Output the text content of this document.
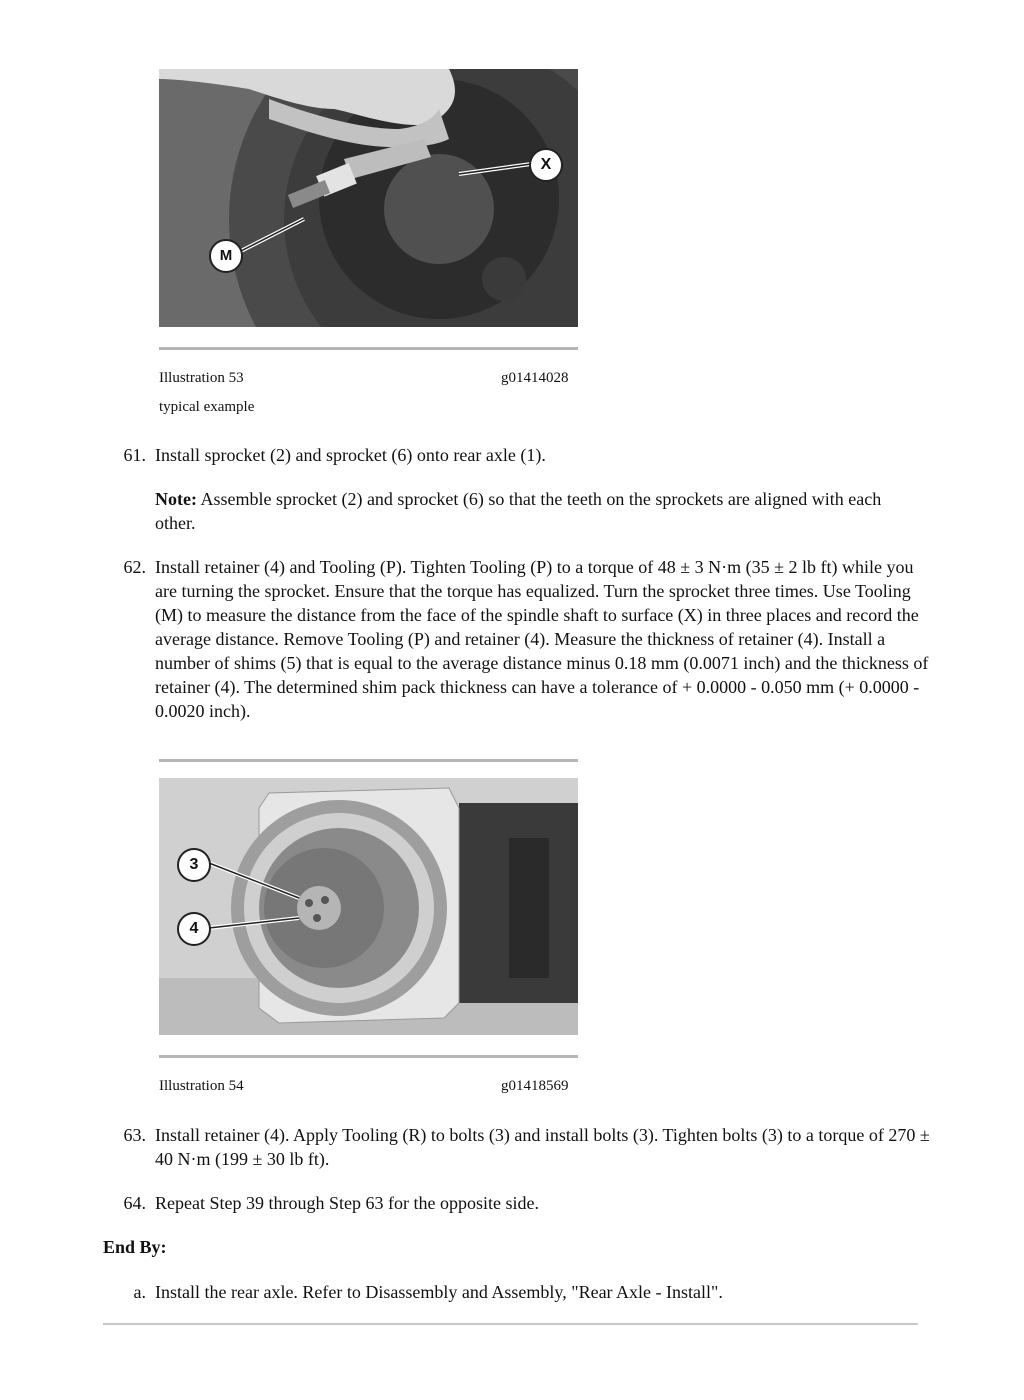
X
M
Illustration 53	g01414028
typical example
61. Install sprocket (2) and sprocket (6) onto rear axle (1).
Note: Assemble sprocket (2) and sprocket (6) so that the teeth on the sprockets are aligned with each other.
62. Install retainer (4) and Tooling (P). Tighten Tooling (P) to a torque of 48 ± 3 N·m (35 ± 2 lb ft) while you are turning the sprocket. Ensure that the torque has equalized. Turn the sprocket three times. Use Tooling (M) to measure the distance from the face of the spindle shaft to surface (X) in three places and record the average distance. Remove Tooling (P) and retainer (4). Measure the thickness of retainer (4). Install a number of shims (5) that is equal to the average distance minus 0.18 mm (0.0071 inch) and the thickness of retainer (4). The determined shim pack thickness can have a tolerance of + 0.0000 - 0.050 mm (+ 0.0000 - 0.0020 inch).
3
4
Illustration 54	g01418569
63. Install retainer (4). Apply Tooling (R) to bolts (3) and install bolts (3). Tighten bolts (3) to a torque of 270 ± 40 N·m (199 ± 30 lb ft).
64. Repeat Step 39 through Step 63 for the opposite side.
End By:
a. Install the rear axle. Refer to Disassembly and Assembly, "Rear Axle - Install".
